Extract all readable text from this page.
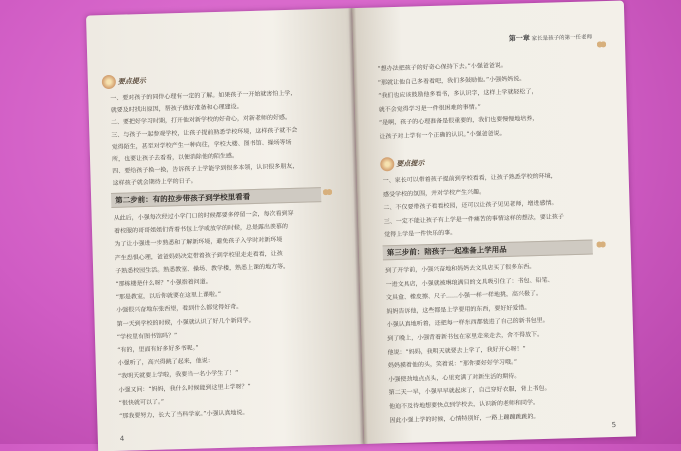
要点提示
一、要对孩子的同伴心理有一定的了解。如果孩子一开始就害怕上学，
就要及时找出原因，帮孩子做好准备和心理建设。
二、要把好学习时期，打开他对新学校的好奇心，对新老师的好感。
三、与孩子一起参观学校，让孩子提前熟悉学校环境，这样孩子就不会
觉得陌生，甚至对学校产生一种向往，学校大楼、图书馆、操场等场
所，也要让孩子去看看，以便消除他的陌生感。
四、要给孩子换一换，告诉孩子上学能学到很多本领，认识很多朋友，
这样孩子就会期待上学的日子。
第二步前：有的拉步带孩子到学校里看看
从此后，小强每次经过小学门口的时候都要多停留一会，每次看到穿
着校服的哥哥姐姐们背着书包上学或放学的时候，总是露出羡慕的
为了让小强进一步熟悉和了解新环境，避免孩子入学时对新环境
产生恐惧心理，爸爸妈妈决定带着孩子到学校里走走看看，让孩
子熟悉校园生活。熟悉教室、操场、教学楼，熟悉上课的地方等。
“那栋楼是什么呀？”小强指着问道。
“那是教室，以后你就要在这里上课啦。”
小强很兴奋地东张西望，看到什么都觉得好奇。
第一天到学校的时候，小强就认识了好几个新同学。
“学校里有图书馆吗？”
“有的，里面有好多好多书呢。”
小强听了，高兴得跳了起来，他说：
“我明天就要上学啦，我要当一名小学生了！”
小强又问：“妈妈，我什么时候能到这里上学呀？”
“很快就可以了。”
“那我要努力，长大了当科学家。”小强认真地说。
4
第一章 家长是孩子的第一任老师
“想办法把孩子的好奇心保持下去。”小强爸爸说。
“那就让他自己多看看吧，我们多鼓励他。”小强妈妈说。
“我们也应该鼓励他多看书，多认识字，这样上学就轻松了，
就不会觉得学习是一件很困难的事情。”
“是啊，孩子的心理准备是很重要的，我们也要慢慢地培养，
让孩子对上学有一个正确的认识。”小强爸爸说。
要点提示
一、家长可以带着孩子提前到学校看看，让孩子熟悉学校的环境，
感受学校的氛围，并对学校产生兴趣。
二、不仅要带孩子看看校园，还可以让孩子见见老师，增进感情。
三、一定不能让孩子有上学是一件痛苦的事情这样的想法，要让孩子
觉得上学是一件快乐的事。
第三步前：陪孩子一起准备上学用品
到了开学前，小强兴奋地和妈妈去文具店买了很多东西。
一进文具店，小强就被琳琅满目的文具吸引住了：书包、铅笔、
文具盒、橡皮擦、尺子……小强一样一样地挑，高兴极了。
妈妈告诉他，这些都是上学要用的东西，要好好爱惜。
小强认真地听着，还把每一样东西都装进了自己的新书包里。
到了晚上，小强背着新书包在家里走来走去，舍不得放下。
他说：“妈妈，我明天就要去上学了，我好开心呀！”
妈妈摸着他的头，笑着说：“那你要好好学习哦。”
小强使劲地点点头，心里充满了对新生活的期待。
第二天一早，小强早早就起床了，自己穿好衣服，背上书包。
他迫不及待地想要快点到学校去，认识新的老师和同学。
因此小强上学的时候，心情特别好，一路上蹦蹦跳跳的。
5
